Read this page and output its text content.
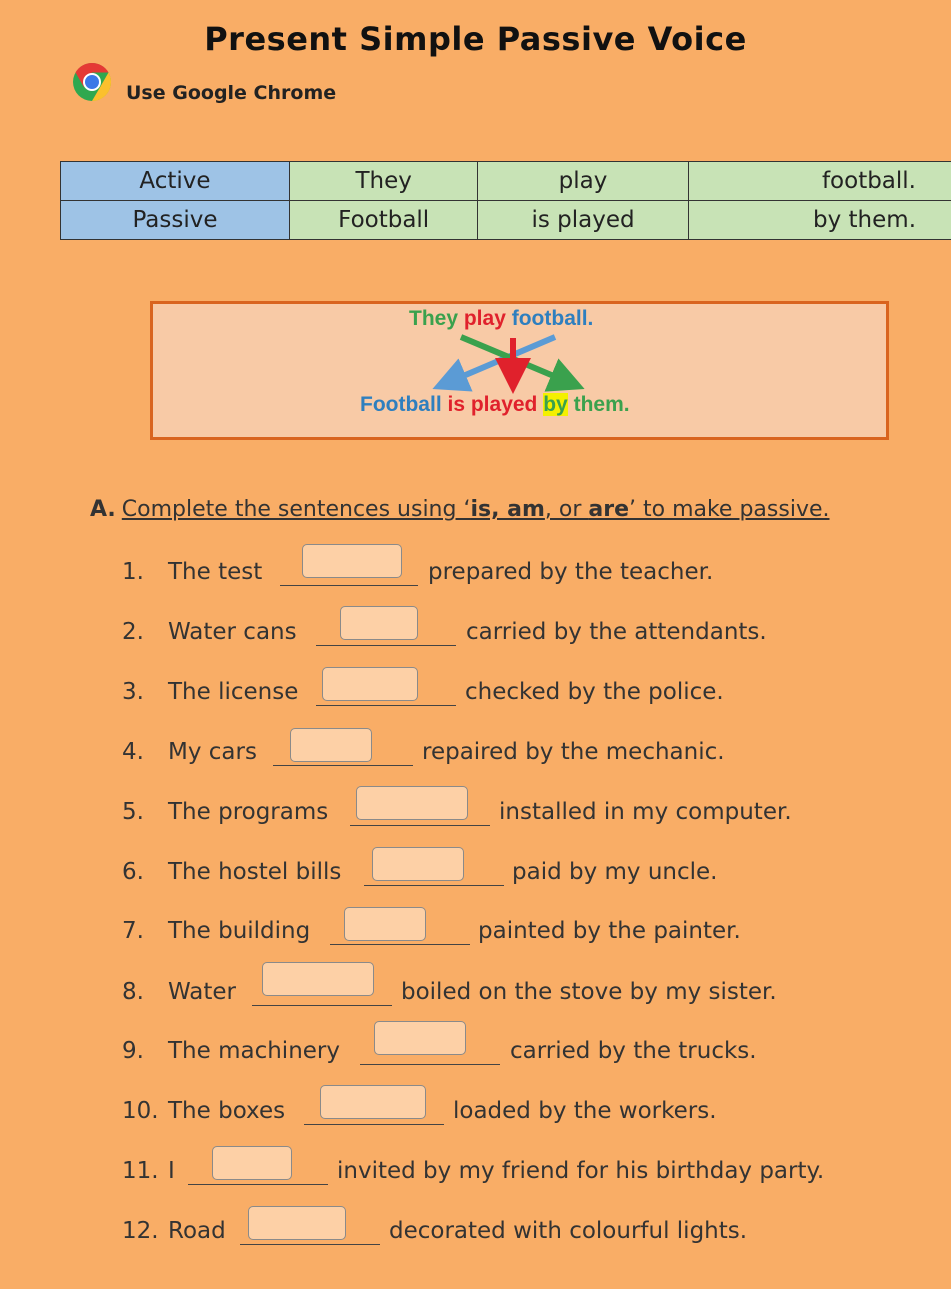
Present Simple Passive Voice
Use Google Chrome
Active	They	play	football.
Passive	Football	is played	by them.
They play football.
Football is played by them.
A. Complete the sentences using ‘is, am, or are’ to make passive.
1. The test	prepared by the teacher.
2. Water cans	carried by the attendants.
3. The license	checked by the police.
4. My cars	repaired by the mechanic.
5. The programs	installed in my computer.
6. The hostel bills	paid by my uncle.
7. The building	painted by the painter.
8. Water	boiled on the stove by my sister.
9. The machinery	carried by the trucks.
10. The boxes	loaded by the workers.
11. I	invited by my friend for his birthday party.
12. Road	decorated with colourful lights.
